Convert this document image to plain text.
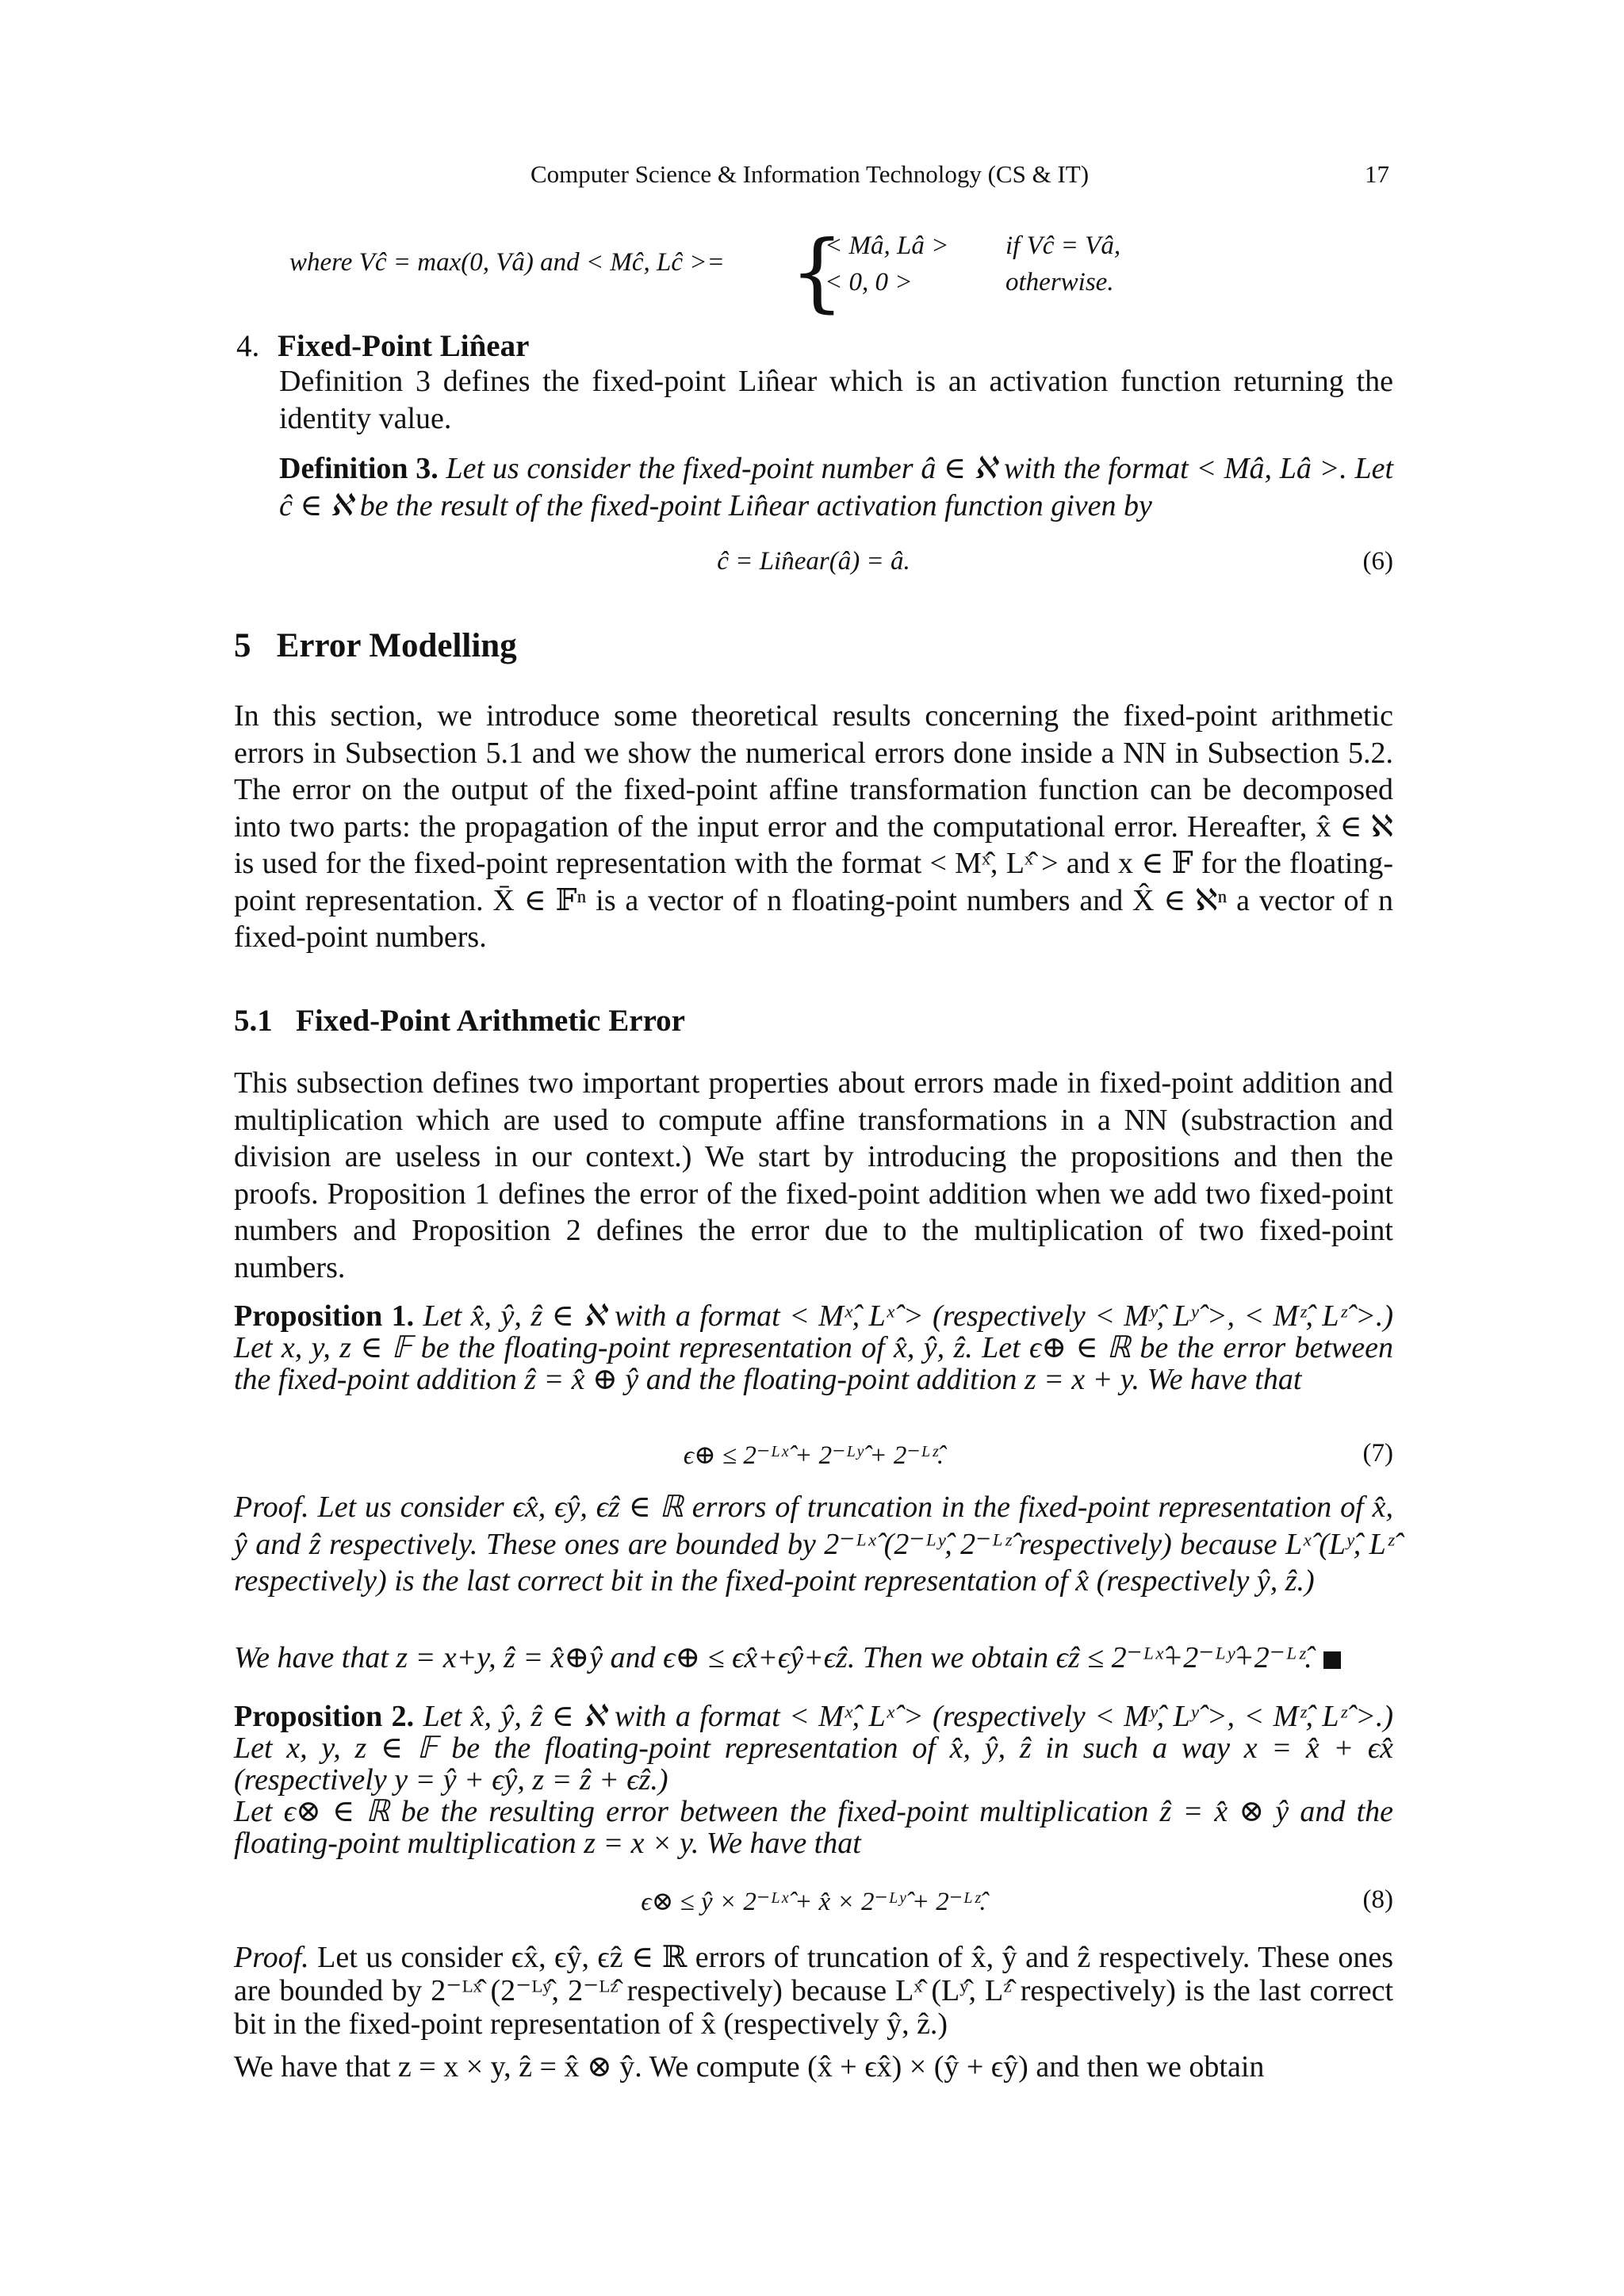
Computer Science & Information Technology (CS & IT)	17
where Vĉ = max(0, Vâ) and < Mĉ, Lĉ >= {
< Mâ, Lâ > if Vĉ = Vâ,
< 0, 0 >	otherwise.
4. Fixed-Point Lin̂ear
Definition 3 defines the fixed-point Lin̂ear which is an activation function returning the identity value.
Definition 3. Let us consider the fixed-point number â ∈ ℵ with the format < Mâ, Lâ >. Let ĉ ∈ ℵ be the result of the fixed-point Lin̂ear activation function given by
ĉ = Lin̂ear(â) = â.	(6)
5 Error Modelling
In this section, we introduce some theoretical results concerning the fixed-point arithmetic errors in Subsection 5.1 and we show the numerical errors done inside a NN in Subsection 5.2. The error on the output of the fixed-point affine transformation function can be decomposed into two parts: the propagation of the input error and the computational error. Hereafter, x̂ ∈ ℵ is used for the fixed-point representation with the format < Mˣ̂, Lˣ̂ > and x ∈ 𝔽 for the floating-point representation. X̄ ∈ 𝔽ⁿ is a vector of n floating-point numbers and X̂ ∈ ℵⁿ a vector of n fixed-point numbers.
5.1 Fixed-Point Arithmetic Error
This subsection defines two important properties about errors made in fixed-point addition and multiplication which are used to compute affine transformations in a NN (substraction and division are useless in our context.) We start by introducing the propositions and then the proofs. Proposition 1 defines the error of the fixed-point addition when we add two fixed-point numbers and Proposition 2 defines the error due to the multiplication of two fixed-point numbers.
Proposition 1. Let x̂, ŷ, ẑ ∈ ℵ with a format < Mˣ̂, Lˣ̂ > (respectively < Mʸ̂, Lʸ̂ >, < Mᶻ̂, Lᶻ̂ >.) Let x, y, z ∈ 𝔽 be the floating-point representation of x̂, ŷ, ẑ. Let ϵ⊕ ∈ ℝ be the error between the fixed-point addition ẑ = x̂ ⊕ ŷ and the floating-point addition z = x + y. We have that
ϵ⊕ ≤ 2⁻ᴸˣ̂ + 2⁻ᴸʸ̂ + 2⁻ᴸᶻ̂.	(7)
Proof. Let us consider ϵx̂, ϵŷ, ϵẑ ∈ ℝ errors of truncation in the fixed-point representation of x̂, ŷ and ẑ respectively. These ones are bounded by 2⁻ᴸˣ̂ (2⁻ᴸʸ̂, 2⁻ᴸᶻ̂ respectively) because Lˣ̂ (Lʸ̂, Lᶻ̂ respectively) is the last correct bit in the fixed-point representation of x̂ (respectively ŷ, ẑ.)
We have that z = x+y, ẑ = x̂⊕ŷ and ϵ⊕ ≤ ϵx̂+ϵŷ+ϵẑ. Then we obtain ϵẑ ≤ 2⁻ᴸˣ̂+2⁻ᴸʸ̂+2⁻ᴸᶻ̂.
Proposition 2. Let x̂, ŷ, ẑ ∈ ℵ with a format < Mˣ̂, Lˣ̂ > (respectively < Mʸ̂, Lʸ̂ >, < Mᶻ̂, Lᶻ̂ >.) Let x, y, z ∈ 𝔽 be the floating-point representation of x̂, ŷ, ẑ in such a way x = x̂ + ϵx̂ (respectively y = ŷ + ϵŷ, z = ẑ + ϵẑ.)
Let ϵ⊗ ∈ ℝ be the resulting error between the fixed-point multiplication ẑ = x̂ ⊗ ŷ and the floating-point multiplication z = x × y. We have that
ϵ⊗ ≤ ŷ × 2⁻ᴸˣ̂ + x̂ × 2⁻ᴸʸ̂ + 2⁻ᴸᶻ̂.	(8)
Proof. Let us consider ϵx̂, ϵŷ, ϵẑ ∈ ℝ errors of truncation of x̂, ŷ and ẑ respectively. These ones are bounded by 2⁻ᴸˣ̂ (2⁻ᴸʸ̂, 2⁻ᴸᶻ̂ respectively) because Lˣ̂ (Lʸ̂, Lᶻ̂ respectively) is the last correct bit in the fixed-point representation of x̂ (respectively ŷ, ẑ.)
We have that z = x × y, ẑ = x̂ ⊗ ŷ. We compute (x̂ + ϵx̂) × (ŷ + ϵŷ) and then we obtain
